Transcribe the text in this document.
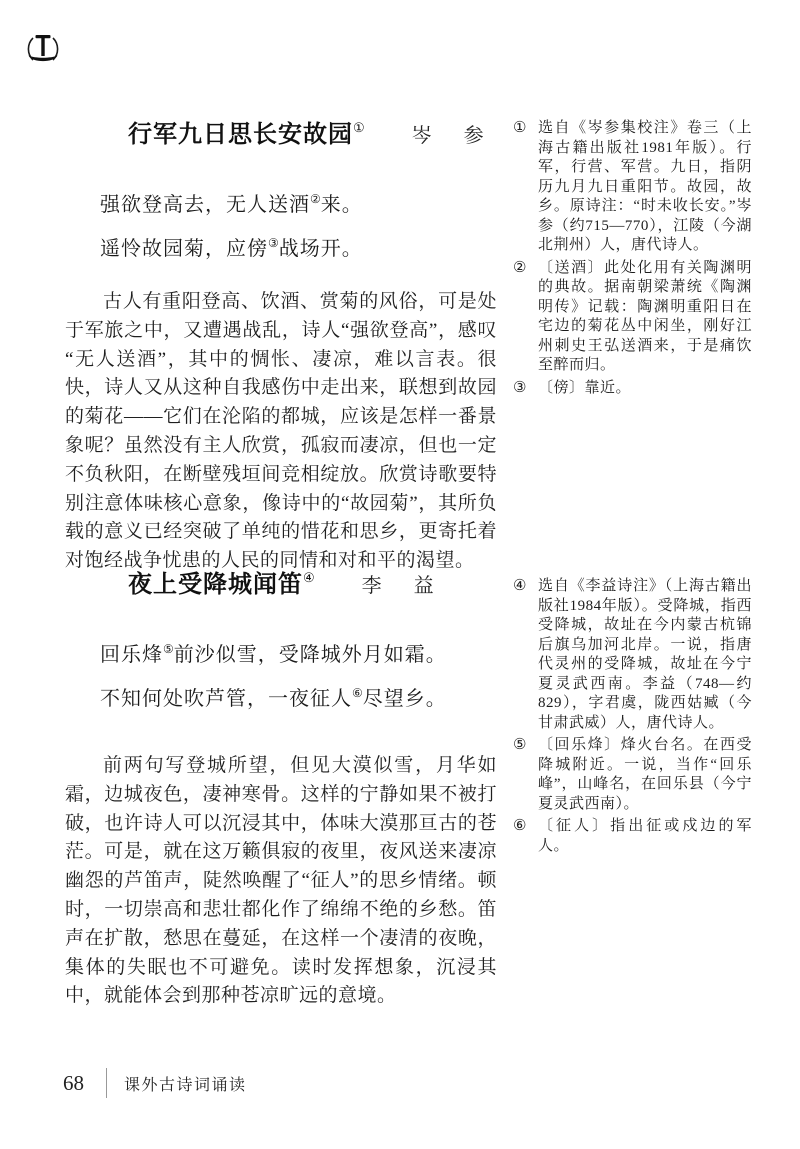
行军九日思长安故园① 岑　参
强欲登高去，无人送酒②来。
遥怜故园菊，应傍③战场开。
古人有重阳登高、饮酒、赏菊的风俗，可是处于军旅之中，又遭遇战乱，诗人“强欲登高”，感叹“无人送酒”，其中的惆怅、凄凉，难以言表。很快，诗人又从这种自我感伤中走出来，联想到故园的菊花——它们在沦陷的都城，应该是怎样一番景象呢？虽然没有主人欣赏，孤寂而凄凉，但也一定不负秋阳，在断壁残垣间竞相绽放。欣赏诗歌要特别注意体味核心意象，像诗中的“故园菊”，其所负载的意义已经突破了单纯的惜花和思乡，更寄托着对饱经战争忧患的人民的同情和对和平的渴望。
夜上受降城闻笛④ 李　益
回乐烽⑤前沙似雪，受降城外月如霜。
不知何处吹芦管，一夜征人⑥尽望乡。
前两句写登城所望，但见大漠似雪，月华如霜，边城夜色，凄神寒骨。这样的宁静如果不被打破，也许诗人可以沉浸其中，体味大漠那亘古的苍茫。可是，就在这万籁俱寂的夜里，夜风送来凄凉幽怨的芦笛声，陡然唤醒了“征人”的思乡情绪。顿时，一切崇高和悲壮都化作了绵绵不绝的乡愁。笛声在扩散，愁思在蔓延，在这样一个凄清的夜晚，集体的失眠也不可避免。读时发挥想象，沉浸其中，就能体会到那种苍凉旷远的意境。
① 选自《岑参集校注》卷三（上海古籍出版社1981年版）。行军，行营、军营。九日，指阴历九月九日重阳节。故园，故乡。原诗注：“时未收长安。”岑参（约715—770），江陵（今湖北荆州）人，唐代诗人。
② 〔送酒〕此处化用有关陶渊明的典故。据南朝梁萧统《陶渊明传》记载：陶渊明重阳日在宅边的菊花丛中闲坐，刚好江州刺史王弘送酒来，于是痛饮至醉而归。
③ 〔傍〕靠近。
④ 选自《李益诗注》（上海古籍出版社1984年版）。受降城，指西受降城，故址在今内蒙古杭锦后旗乌加河北岸。一说，指唐代灵州的受降城，故址在今宁夏灵武西南。李益（748—约829），字君虞，陇西姑臧（今甘肃武威）人，唐代诗人。
⑤ 〔回乐烽〕烽火台名。在西受降城附近。一说，当作“回乐峰”，山峰名，在回乐县（今宁夏灵武西南）。
⑥ 〔征人〕指出征或戍边的军人。
68	课外古诗词诵读
